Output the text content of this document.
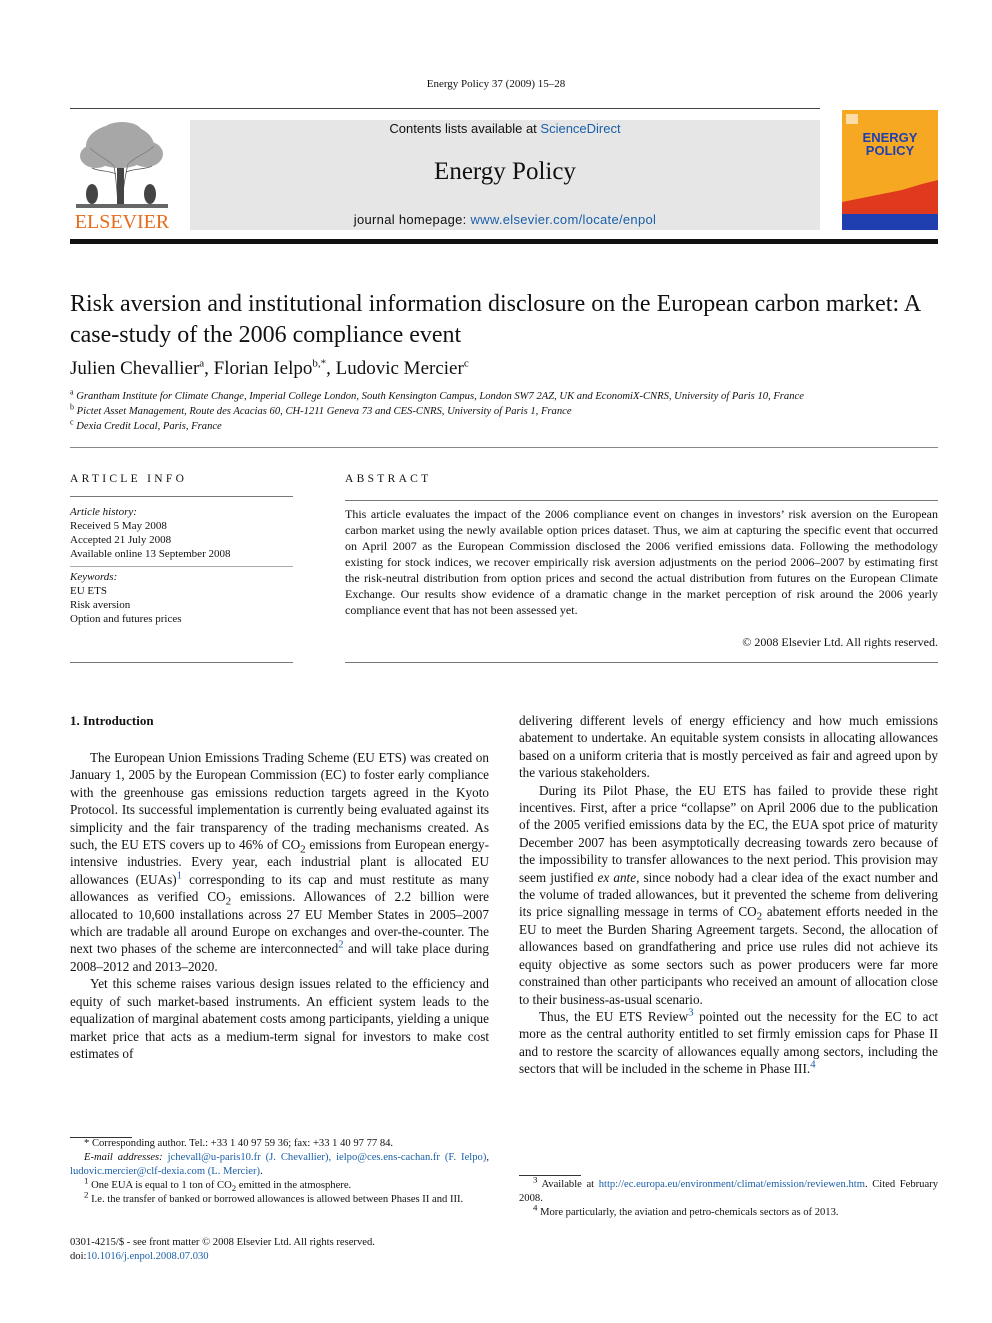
Energy Policy 37 (2009) 15–28
ELSEVIER
Contents lists available at ScienceDirect
Energy Policy
journal homepage: www.elsevier.com/locate/enpol
ENERGY
POLICY
Risk aversion and institutional information disclosure on the European carbon market: A case-study of the 2006 compliance event
Julien Chevallier$^a$, Florian Ielpo$^{b,*}$, Ludovic Mercier$^c$
$^a$ Grantham Institute for Climate Change, Imperial College London, South Kensington Campus, London SW7 2AZ, UK and EconomiX-CNRS, University of Paris 10, France
$^b$ Pictet Asset Management, Route des Acacias 60, CH-1211 Geneva 73 and CES-CNRS, University of Paris 1, France
$^c$ Dexia Credit Local, Paris, France
ARTICLE INFO
Article history:
Received 5 May 2008
Accepted 21 July 2008
Available online 13 September 2008
Keywords:
EU ETS
Risk aversion
Option and futures prices
ABSTRACT
This article evaluates the impact of the 2006 compliance event on changes in investors’ risk aversion on the European carbon market using the newly available option prices dataset. Thus, we aim at capturing the specific event that occurred on April 2007 as the European Commission disclosed the 2006 verified emissions data. Following the methodology existing for stock indices, we recover empirically risk aversion adjustments on the period 2006–2007 by estimating first the risk-neutral distribution from option prices and second the actual distribution from futures on the European Climate Exchange. Our results show evidence of a dramatic change in the market perception of risk around the 2006 yearly compliance event that has not been assessed yet.
© 2008 Elsevier Ltd. All rights reserved.
1. Introduction

The European Union Emissions Trading Scheme (EU ETS) was created on January 1, 2005 by the European Commission (EC) to foster early compliance with the greenhouse gas emissions reduction targets agreed in the Kyoto Protocol. Its successful implementation is currently being evaluated against its simplicity and the fair transparency of the trading mechanisms created. As such, the EU ETS covers up to 46% of $CO_2$ emissions from European energy-intensive industries. Every year, each industrial plant is allocated EU allowances (EUAs)$^1$ corresponding to its cap and must restitute as many allowances as verified $CO_2$ emissions. Allowances of 2.2 billion were allocated to 10,600 installations across 27 EU Member States in 2005–2007 which are tradable all around Europe on exchanges and over-the-counter. The next two phases of the scheme are interconnected$^2$ and will take place during 2008–2012 and 2013–2020.

Yet this scheme raises various design issues related to the efficiency and equity of such market-based instruments. An efficient system leads to the equalization of marginal abatement costs among participants, yielding a unique market price that acts as a medium-term signal for investors to make cost estimates of

delivering different levels of energy efficiency and how much emissions abatement to undertake. An equitable system consists in allocating allowances based on a uniform criteria that is mostly perceived as fair and agreed upon by the various stakeholders.

During its Pilot Phase, the EU ETS has failed to provide these right incentives. First, after a price “collapse” on April 2006 due to the publication of the 2005 verified emissions data by the EC, the EUA spot price of maturity December 2007 has been asymptotically decreasing towards zero because of the impossibility to transfer allowances to the next period. This provision may seem justified ex ante, since nobody had a clear idea of the exact number and the volume of traded allowances, but it prevented the scheme from delivering its price signalling message in terms of $CO_2$ abatement efforts needed in the EU to meet the Burden Sharing Agreement targets. Second, the allocation of allowances based on grandfathering and price use rules did not achieve its equity objective as some sectors such as power producers were far more constrained than other participants who received an amount of allocation close to their business-as-usual scenario.

Thus, the EU ETS Review$^3$ pointed out the necessity for the EC to act more as the central authority entitled to set firmly emission caps for Phase II and to restore the scarcity of allowances equally among sectors, including the sectors that will be included in the scheme in Phase III.$^4$

* Corresponding author. Tel.: +33 1 40 97 59 36; fax: +33 1 40 97 77 84.

E-mail addresses: jchevall@u-paris10.fr (J. Chevallier), ielpo@ces.ens-cachan.fr (F. Ielpo), ludovic.mercier@clf-dexia.com (L. Mercier).

$^1$ One EUA is equal to 1 ton of $CO_2$ emitted in the atmosphere.

$^2$ I.e. the transfer of banked or borrowed allowances is allowed between Phases II and III.

$^3$ Available at http://ec.europa.eu/environment/climat/emission/reviewen.htm. Cited February 2008.

$^4$ More particularly, the aviation and petro-chemicals sectors as of 2013.

0301-4215/$ - see front matter © 2008 Elsevier Ltd. All rights reserved.
doi:10.1016/j.enpol.2008.07.030
